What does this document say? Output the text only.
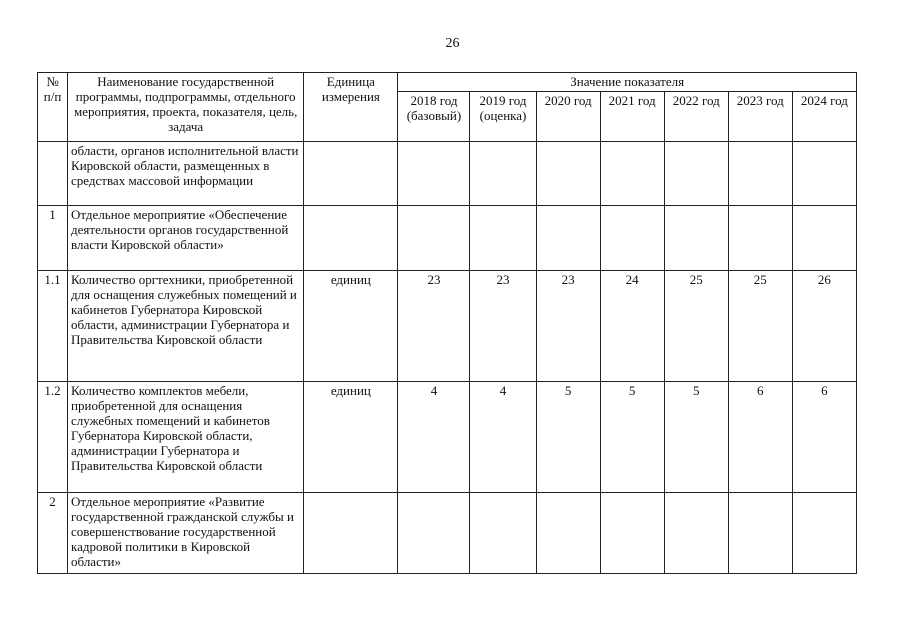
26
№ п/п	Наименование государственной программы, подпрограммы, отдельного мероприятия, проекта, показателя, цель, задача	Единица измерения	Значение показателя						
			2018 год (базовый)	2019 год (оценка)	2020 год	2021 год	2022 год	2023 год	2024 год
	области, органов исполнительной власти Кировской области, размещенных в средствах массовой информации								
1	Отдельное мероприятие «Обеспечение деятельности органов государственной власти Кировской области»								
1.1	Количество оргтехники, приобретенной для оснащения служебных помещений и кабинетов Губернатора Кировской области, администрации Губернатора и Правительства Кировской области	единиц	23	23	23	24	25	25	26
1.2	Количество комплектов мебели, приобретенной для оснащения служебных помещений и кабинетов Губернатора Кировской области, администрации Губернатора и Правительства Кировской области	единиц	4	4	5	5	5	6	6
2	Отдельное мероприятие «Развитие государственной гражданской службы и совершенствование государственной кадровой политики в Кировской области»								
